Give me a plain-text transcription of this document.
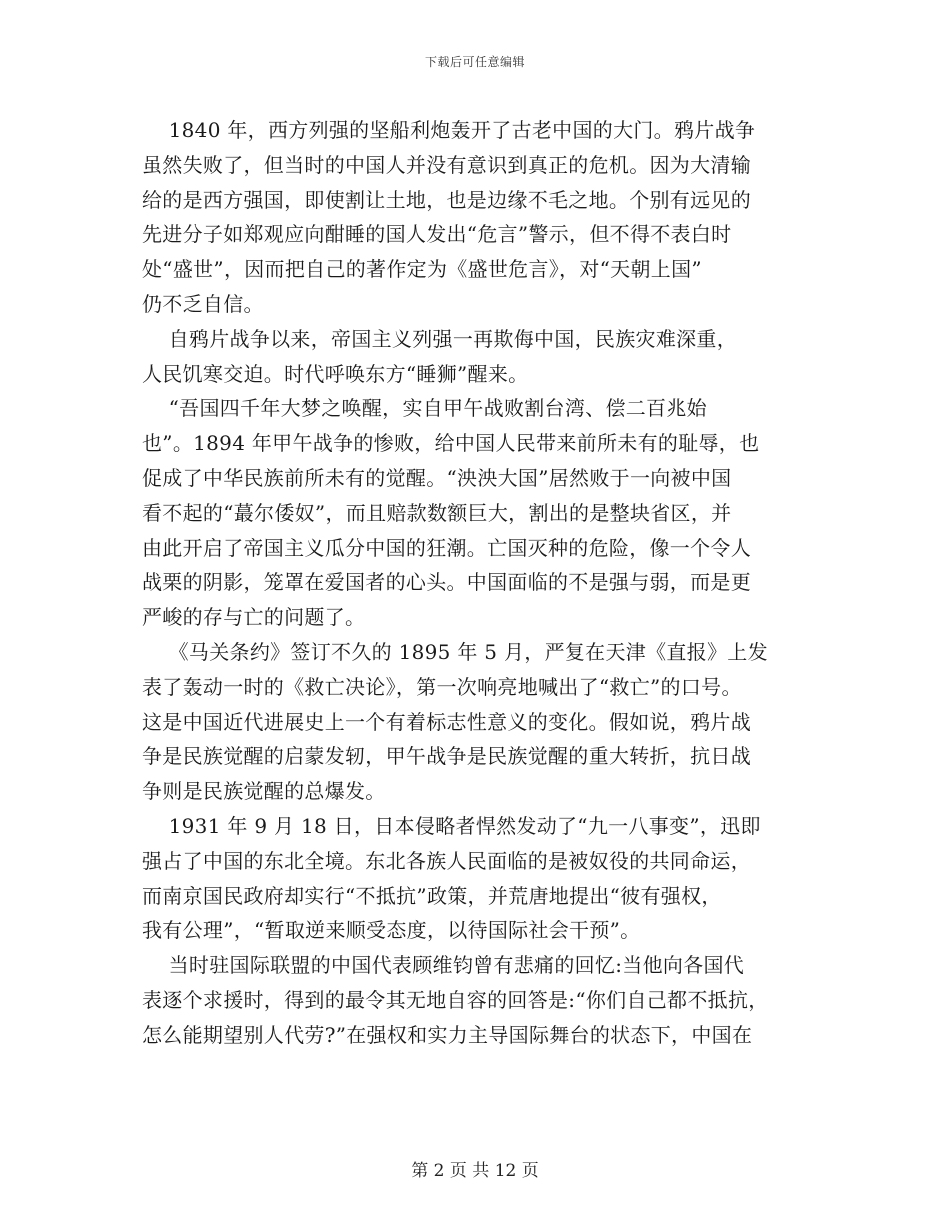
下载后可任意编辑
1840 年，西方列强的坚船利炮轰开了古老中国的大门。鸦片战争
虽然失败了，但当时的中国人并没有意识到真正的危机。因为大清输
给的是西方强国，即使割让土地，也是边缘不毛之地。个别有远见的
先进分子如郑观应向酣睡的国人发出“危言”警示，但不得不表白时
处“盛世”，因而把自己的著作定为《盛世危言》，对“天朝上国”
仍不乏自信。
自鸦片战争以来，帝国主义列强一再欺侮中国，民族灾难深重，
人民饥寒交迫。时代呼唤东方“睡狮”醒来。
“吾国四千年大梦之唤醒，实自甲午战败割台湾、偿二百兆始
也”。1894 年甲午战争的惨败，给中国人民带来前所未有的耻辱，也
促成了中华民族前所未有的觉醒。“泱泱大国”居然败于一向被中国
看不起的“蕞尔倭奴”，而且赔款数额巨大，割出的是整块省区，并
由此开启了帝国主义瓜分中国的狂潮。亡国灭种的危险，像一个令人
战栗的阴影，笼罩在爱国者的心头。中国面临的不是强与弱，而是更
严峻的存与亡的问题了。
《马关条约》签订不久的 1895 年 5 月，严复在天津《直报》上发
表了轰动一时的《救亡决论》，第一次响亮地喊出了“救亡”的口号。
这是中国近代进展史上一个有着标志性意义的变化。假如说，鸦片战
争是民族觉醒的启蒙发轫，甲午战争是民族觉醒的重大转折，抗日战
争则是民族觉醒的总爆发。
1931 年 9 月 18 日，日本侵略者悍然发动了“九一八事变”，迅即
强占了中国的东北全境。东北各族人民面临的是被奴役的共同命运，
而南京国民政府却实行“不抵抗”政策，并荒唐地提出“彼有强权，
我有公理”，“暂取逆来顺受态度，以待国际社会干预”。
当时驻国际联盟的中国代表顾维钧曾有悲痛的回忆:当他向各国代
表逐个求援时，得到的最令其无地自容的回答是:“你们自己都不抵抗，
怎么能期望别人代劳?”在强权和实力主导国际舞台的状态下，中国在
第 2 页 共 12 页
